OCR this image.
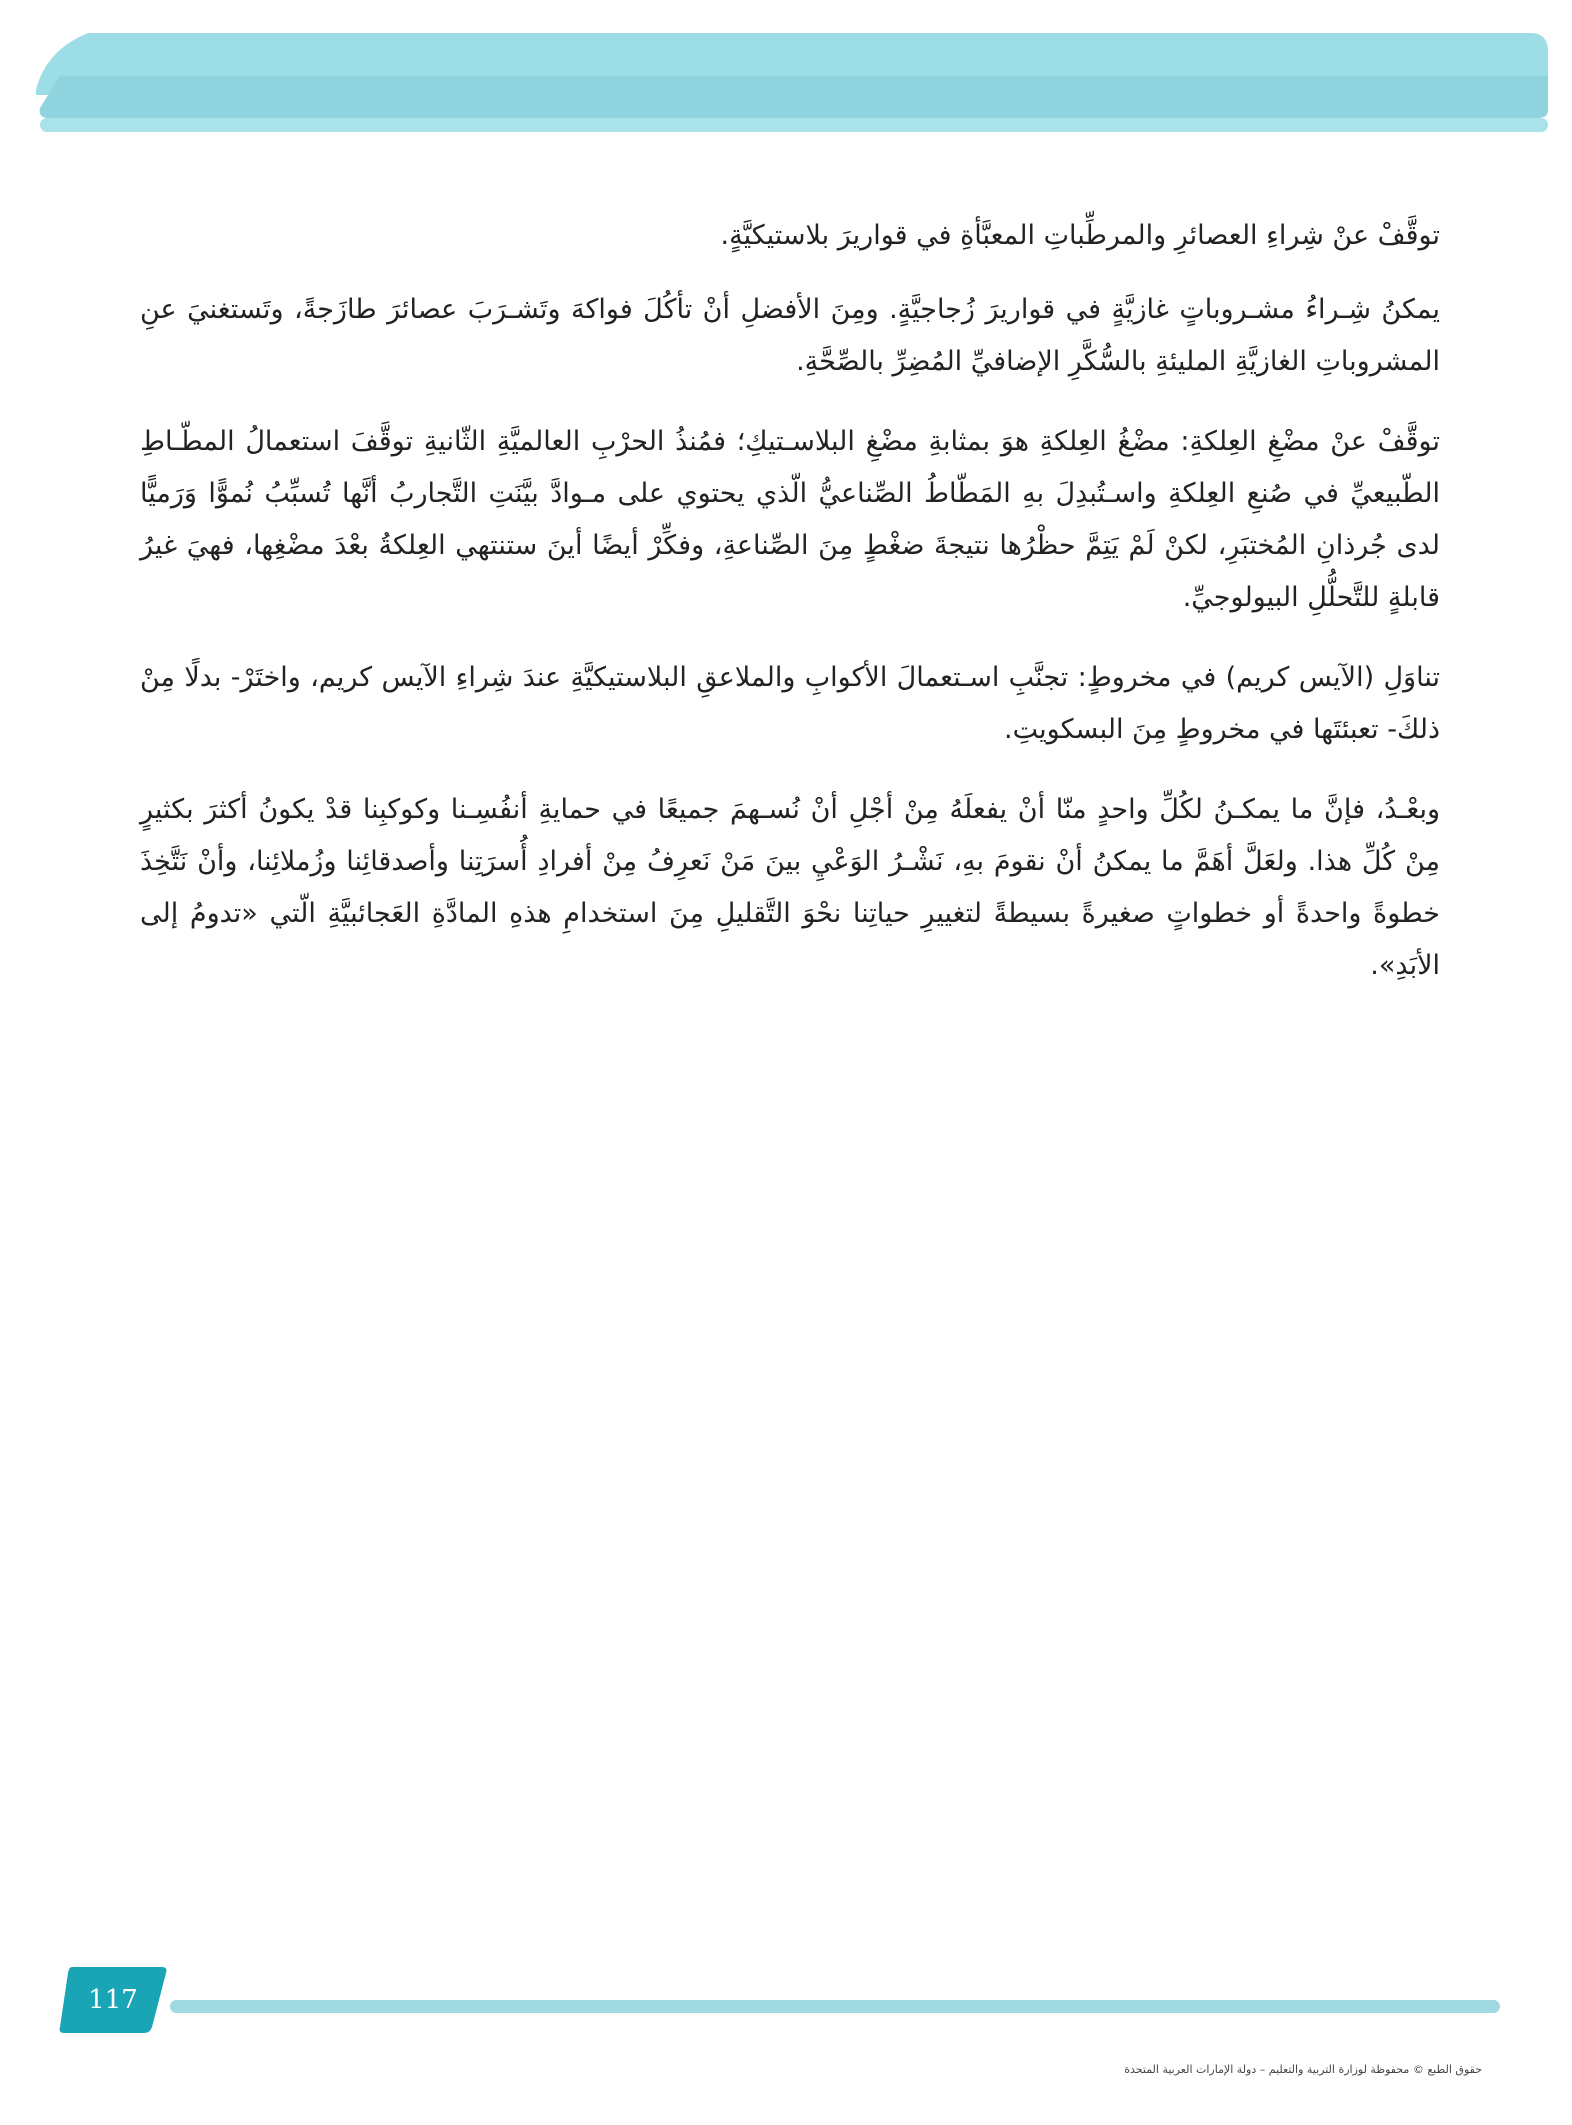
توقَّفْ عنْ شِراءِ العصائرِ والمرطِّباتِ المعبَّأةِ في قواريرَ بلاستيكيَّةٍ.

يمكنُ شِـراءُ مشـروباتٍ غازيَّةٍ في قواريرَ زُجاجيَّةٍ. ومِنَ الأفضلِ أنْ تأكُلَ فواكهَ وتَشـرَبَ عصائرَ طازَجةً، وتَستغنيَ عنِ المشروباتِ الغازيَّةِ المليئةِ بالسُّكَّرِ الإضافيِّ المُضِرِّ بالصِّحَّةِ.

توقَّفْ عنْ مضْغِ العِلكةِ: مضْغُ العِلكةِ هوَ بمثابةِ مضْغِ البلاسـتيكِ؛ فمُنذُ الحرْبِ العالميَّةِ الثّانيةِ توقَّفَ استعمالُ المطّـاطِ الطّبيعيِّ في صُنعِ العِلكةِ واسـتُبدِلَ بهِ المَطّاطُ الصِّناعيُّ الّذي يحتوي على مـوادَّ بيَّنَتِ التَّجاربُ أنَّها تُسبِّبُ نُموًّا وَرَميًّا لدى جُرذانِ المُختبَرِ، لكنْ لَمْ يَتِمَّ حظْرُها نتيجةَ ضغْطٍ مِنَ الصِّناعةِ، وفكِّرْ أيضًا أينَ ستنتهي العِلكةُ بعْدَ مضْغِها، فهيَ غيرُ قابلةٍ للتَّحلُّلِ البيولوجيِّ.

تناوَلِ (الآيس كريم) في مخروطٍ: تجنَّبِ اسـتعمالَ الأكوابِ والملاعقِ البلاستيكيَّةِ عندَ شِراءِ الآيس كريم، واختَرْ- بدلًا مِنْ ذلكَ- تعبئتَها في مخروطٍ مِنَ البسكويتِ.

وبعْـدُ، فإنَّ ما يمكـنُ لكُلِّ واحدٍ منّا أنْ يفعلَهُ مِنْ أجْلِ أنْ نُسـهمَ جميعًا في حمايةِ أنفُسِـنا وكوكبِنا قدْ يكونُ أكثرَ بكثيرٍ مِنْ كُلِّ هذا. ولعَلَّ أهَمَّ ما يمكنُ أنْ نقومَ بهِ، نَشْـرُ الوَعْيِ بينَ مَنْ نَعرِفُ مِنْ أفرادِ أُسرَتِنا وأصدقائِنا وزُملائِنا، وأنْ نَتَّخِذَ خطوةً واحدةً أو خطواتٍ صغيرةً بسيطةً لتغييرِ حياتِنا نحْوَ التَّقليلِ مِنَ استخدامِ هذهِ المادَّةِ العَجائبيَّةِ الّتي «تدومُ إلى الأبَدِ».

117
حقوق الطبع © محفوظة لوزارة التربية والتعليم – دولة الإمارات العربية المتحدة
